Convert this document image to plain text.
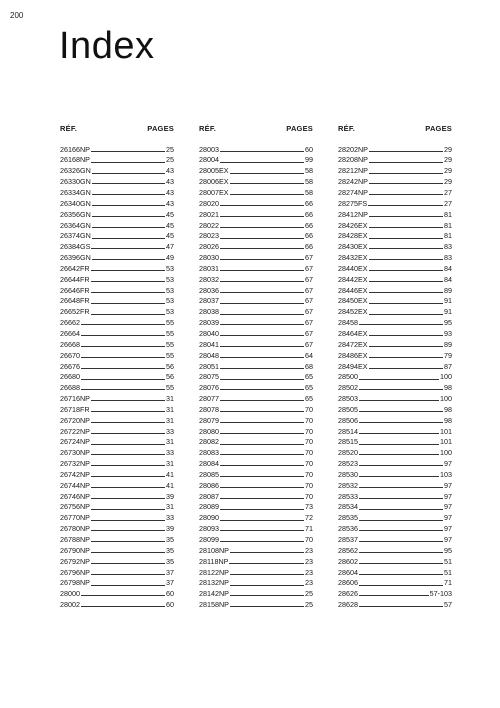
200
Index
RÉF.	PAGES
26166NP	25
26168NP	25
26326GN	43
26330GN	43
26334GN	43
26340GN	43
26356GN	45
26364GN	45
26374GN	45
26384GS	47
26396GN	49
26642FR	53
26644FR	53
26646FR	53
26648FR	53
26652FR	53
26662	55
26664	55
26668	55
26670	55
26676	56
26680	56
26688	55
26716NP	31
26718FR	31
26720NP	31
26722NP	33
26724NP	31
26730NP	33
26732NP	31
26742NP	41
26744NP	41
26746NP	39
26756NP	31
26770NP	33
26780NP	39
26788NP	35
26790NP	35
26792NP	35
26796NP	37
26798NP	37
28000	60
28002	60
RÉF.	PAGES
28003	60
28004	99
28005EX	58
28006EX	58
28007EX	58
28020	66
28021	66
28022	66
28023	66
28026	66
28030	67
28031	67
28032	67
28036	67
28037	67
28038	67
28039	67
28040	67
28041	67
28048	64
28051	68
28075	65
28076	65
28077	65
28078	70
28079	70
28080	70
28082	70
28083	70
28084	70
28085	70
28086	70
28087	70
28089	73
28090	72
28093	71
28099	70
28108NP	23
28118NP	23
28122NP	23
28132NP	23
28142NP	25
28158NP	25
RÉF.	PAGES
28202NP	29
28208NP	29
28212NP	29
28242NP	29
28274NP	27
28275FS	27
28412NP	81
28426EX	81
28428EX	81
28430EX	83
28432EX	83
28440EX	84
28442EX	84
28446EX	89
28450EX	91
28452EX	91
28458	95
28464EX	93
28472EX	89
28486EX	79
28494EX	87
28500	100
28502	98
28503	100
28505	98
28506	98
28514	101
28515	101
28520	100
28523	97
28530	103
28532	97
28533	97
28534	97
28535	97
28536	97
28537	97
28562	95
28602	51
28604	51
28606	71
28626	57-103
28628	57
